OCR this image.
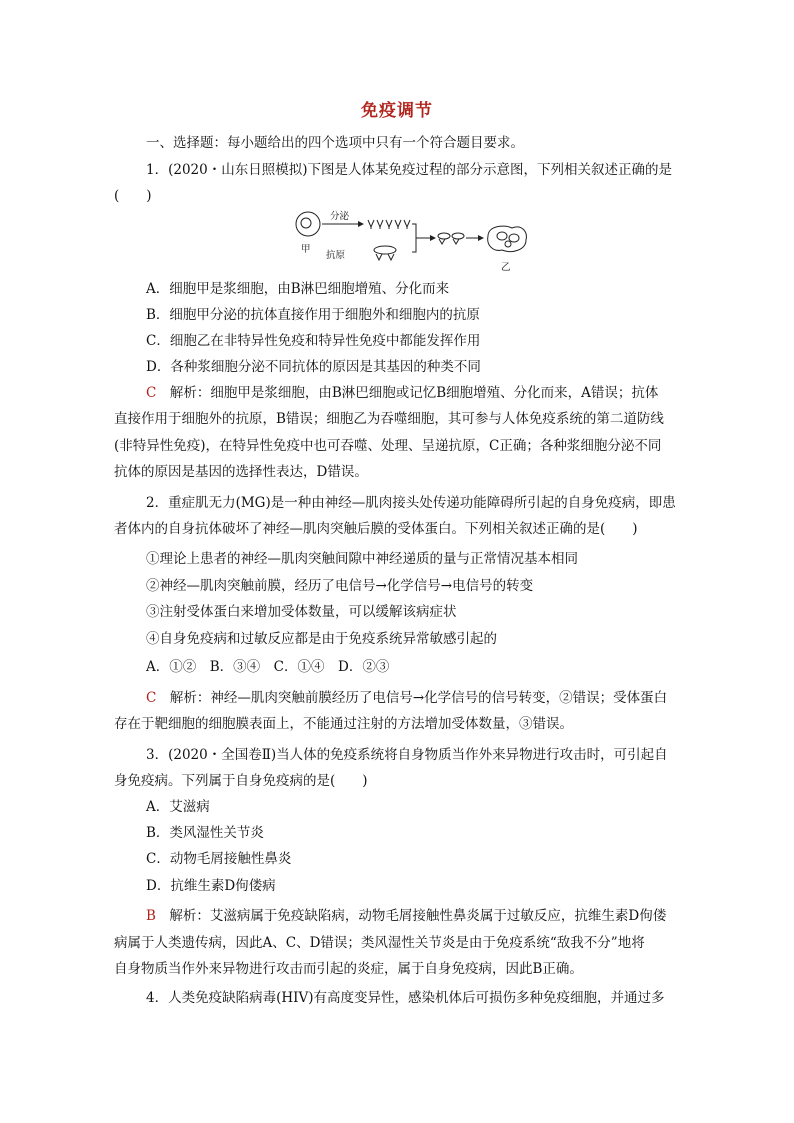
免疫调节
一、选择题：每小题给出的四个选项中只有一个符合题目要求。
1．(2020・山东日照模拟)下图是人体某免疫过程的部分示意图，下列相关叙述正确的是
(　　)
甲
分泌
抗原
乙
A．细胞甲是浆细胞，由B淋巴细胞增殖、分化而来
B．细胞甲分泌的抗体直接作用于细胞外和细胞内的抗原
C．细胞乙在非特异性免疫和特异性免疫中都能发挥作用
D．各种浆细胞分泌不同抗体的原因是其基因的种类不同
C　 解析：细胞甲是浆细胞，由B淋巴细胞或记忆B细胞增殖、分化而来，A错误；抗体
直接作用于细胞外的抗原，B错误；细胞乙为吞噬细胞，其可参与人体免疫系统的第二道防线
(非特异性免疫)，在特异性免疫中也可吞噬、处理、呈递抗原，C正确；各种浆细胞分泌不同
抗体的原因是基因的选择性表达，D错误。
2．重症肌无力(MG)是一种由神经—肌肉接头处传递功能障碍所引起的自身免疫病，即患
者体内的自身抗体破坏了神经—肌肉突触后膜的受体蛋白。下列相关叙述正确的是(　　)
①理论上患者的神经—肌肉突触间隙中神经递质的量与正常情况基本相同
②神经—肌肉突触前膜，经历了电信号→化学信号→电信号的转变
③注射受体蛋白来增加受体数量，可以缓解该病症状
④自身免疫病和过敏反应都是由于免疫系统异常敏感引起的
A．①②　B．③④　C．①④　D．②③
C　 解析：神经—肌肉突触前膜经历了电信号→化学信号的信号转变，②错误；受体蛋白
存在于靶细胞的细胞膜表面上，不能通过注射的方法增加受体数量，③错误。
3．(2020・全国卷Ⅱ)当人体的免疫系统将自身物质当作外来异物进行攻击时，可引起自
身免疫病。下列属于自身免疫病的是(　　)
A．艾滋病
B．类风湿性关节炎
C．动物毛屑接触性鼻炎
D．抗维生素D佝偻病
B　 解析：艾滋病属于免疫缺陷病，动物毛屑接触性鼻炎属于过敏反应，抗维生素D佝偻
病属于人类遗传病，因此A、C、D错误；类风湿性关节炎是由于免疫系统“敌我不分”地将
自身物质当作外来异物进行攻击而引起的炎症，属于自身免疫病，因此B正确。
4．人类免疫缺陷病毒(HIV)有高度变异性，感染机体后可损伤多种免疫细胞，并通过多
